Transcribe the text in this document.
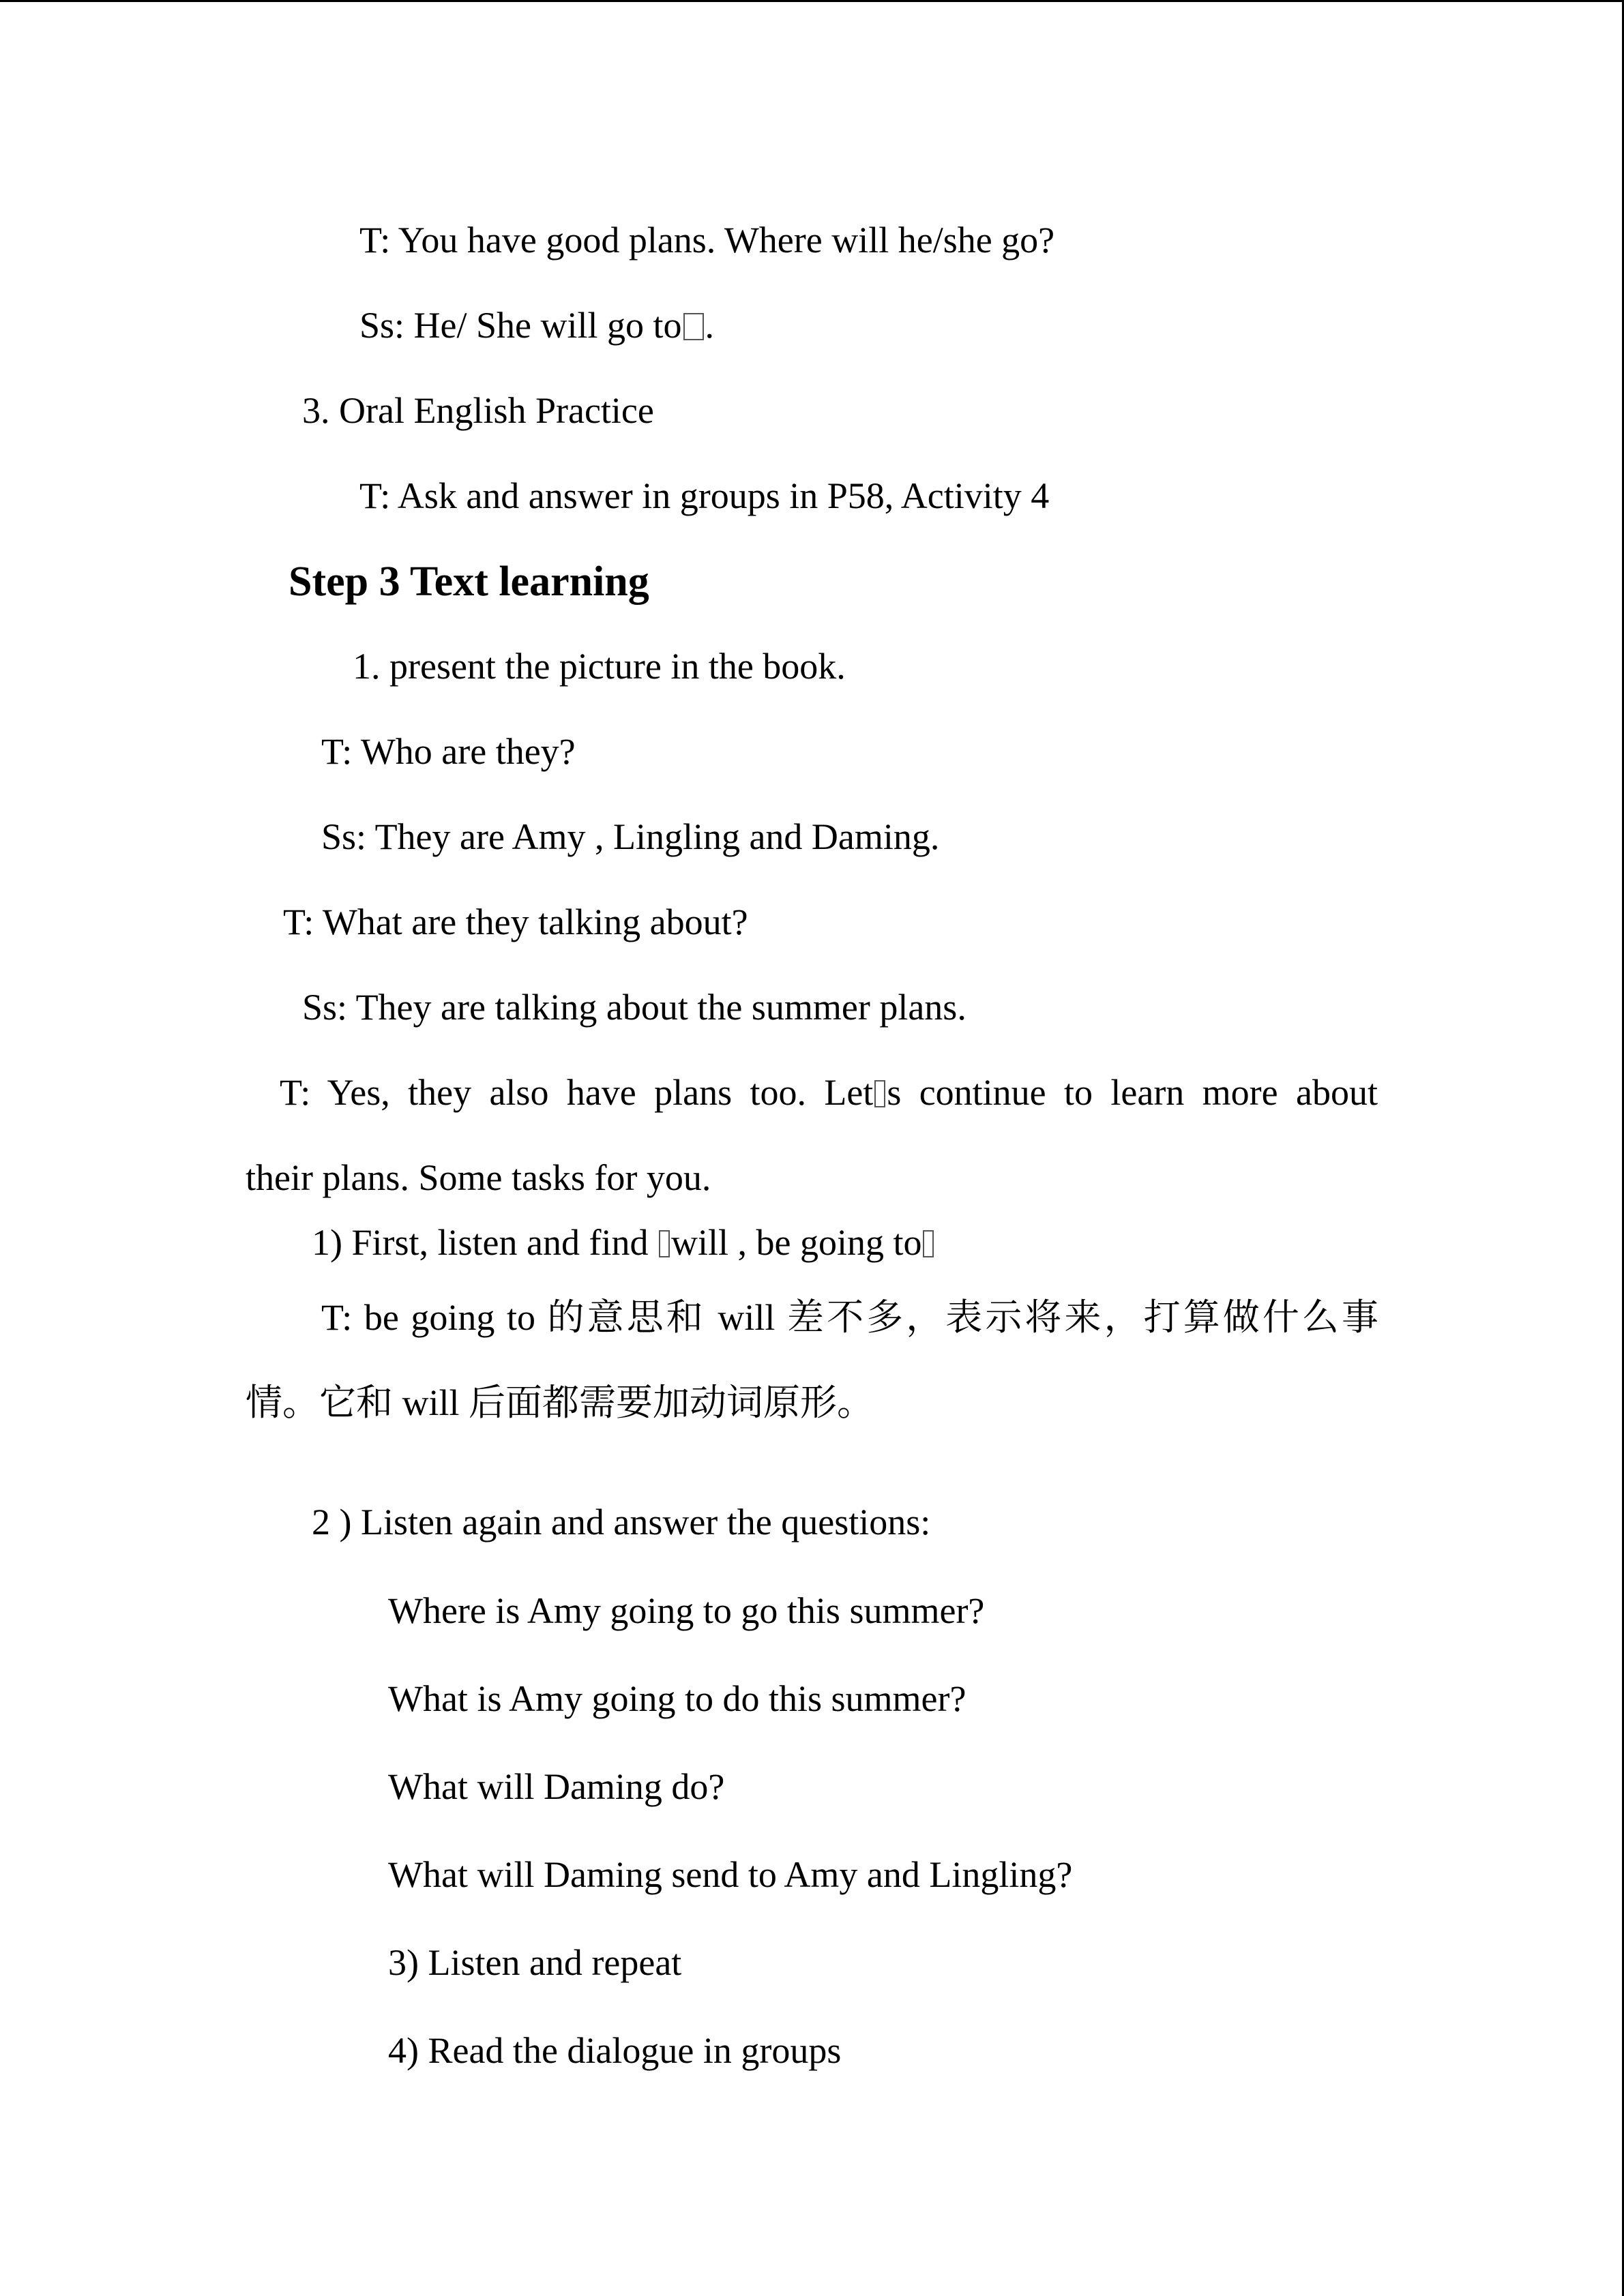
T: You have good plans. Where will he/she go?
Ss: He/ She will go to .
3. Oral English Practice
T: Ask and answer in groups in P58, Activity 4
Step 3 Text learning
1. present the picture in the book.
T: Who are they?
Ss: They are Amy , Lingling and Daming.
T: What are they talking about?
Ss: They are talking about the summer plans.
T: Yes, they also have plans too. Let s continue to learn more about
their plans. Some tasks for you.
1) First, listen and find will , be going to
T: be going to 的意思和 will 差不多，表示将来，打算做什么事
情。它和 will 后面都需要加动词原形。
2 ) Listen again and answer the questions:
Where is Amy going to go this summer?
What is Amy going to do this summer?
What will Daming do?
What will Daming send to Amy and Lingling?
3) Listen and repeat
4) Read the dialogue in groups
